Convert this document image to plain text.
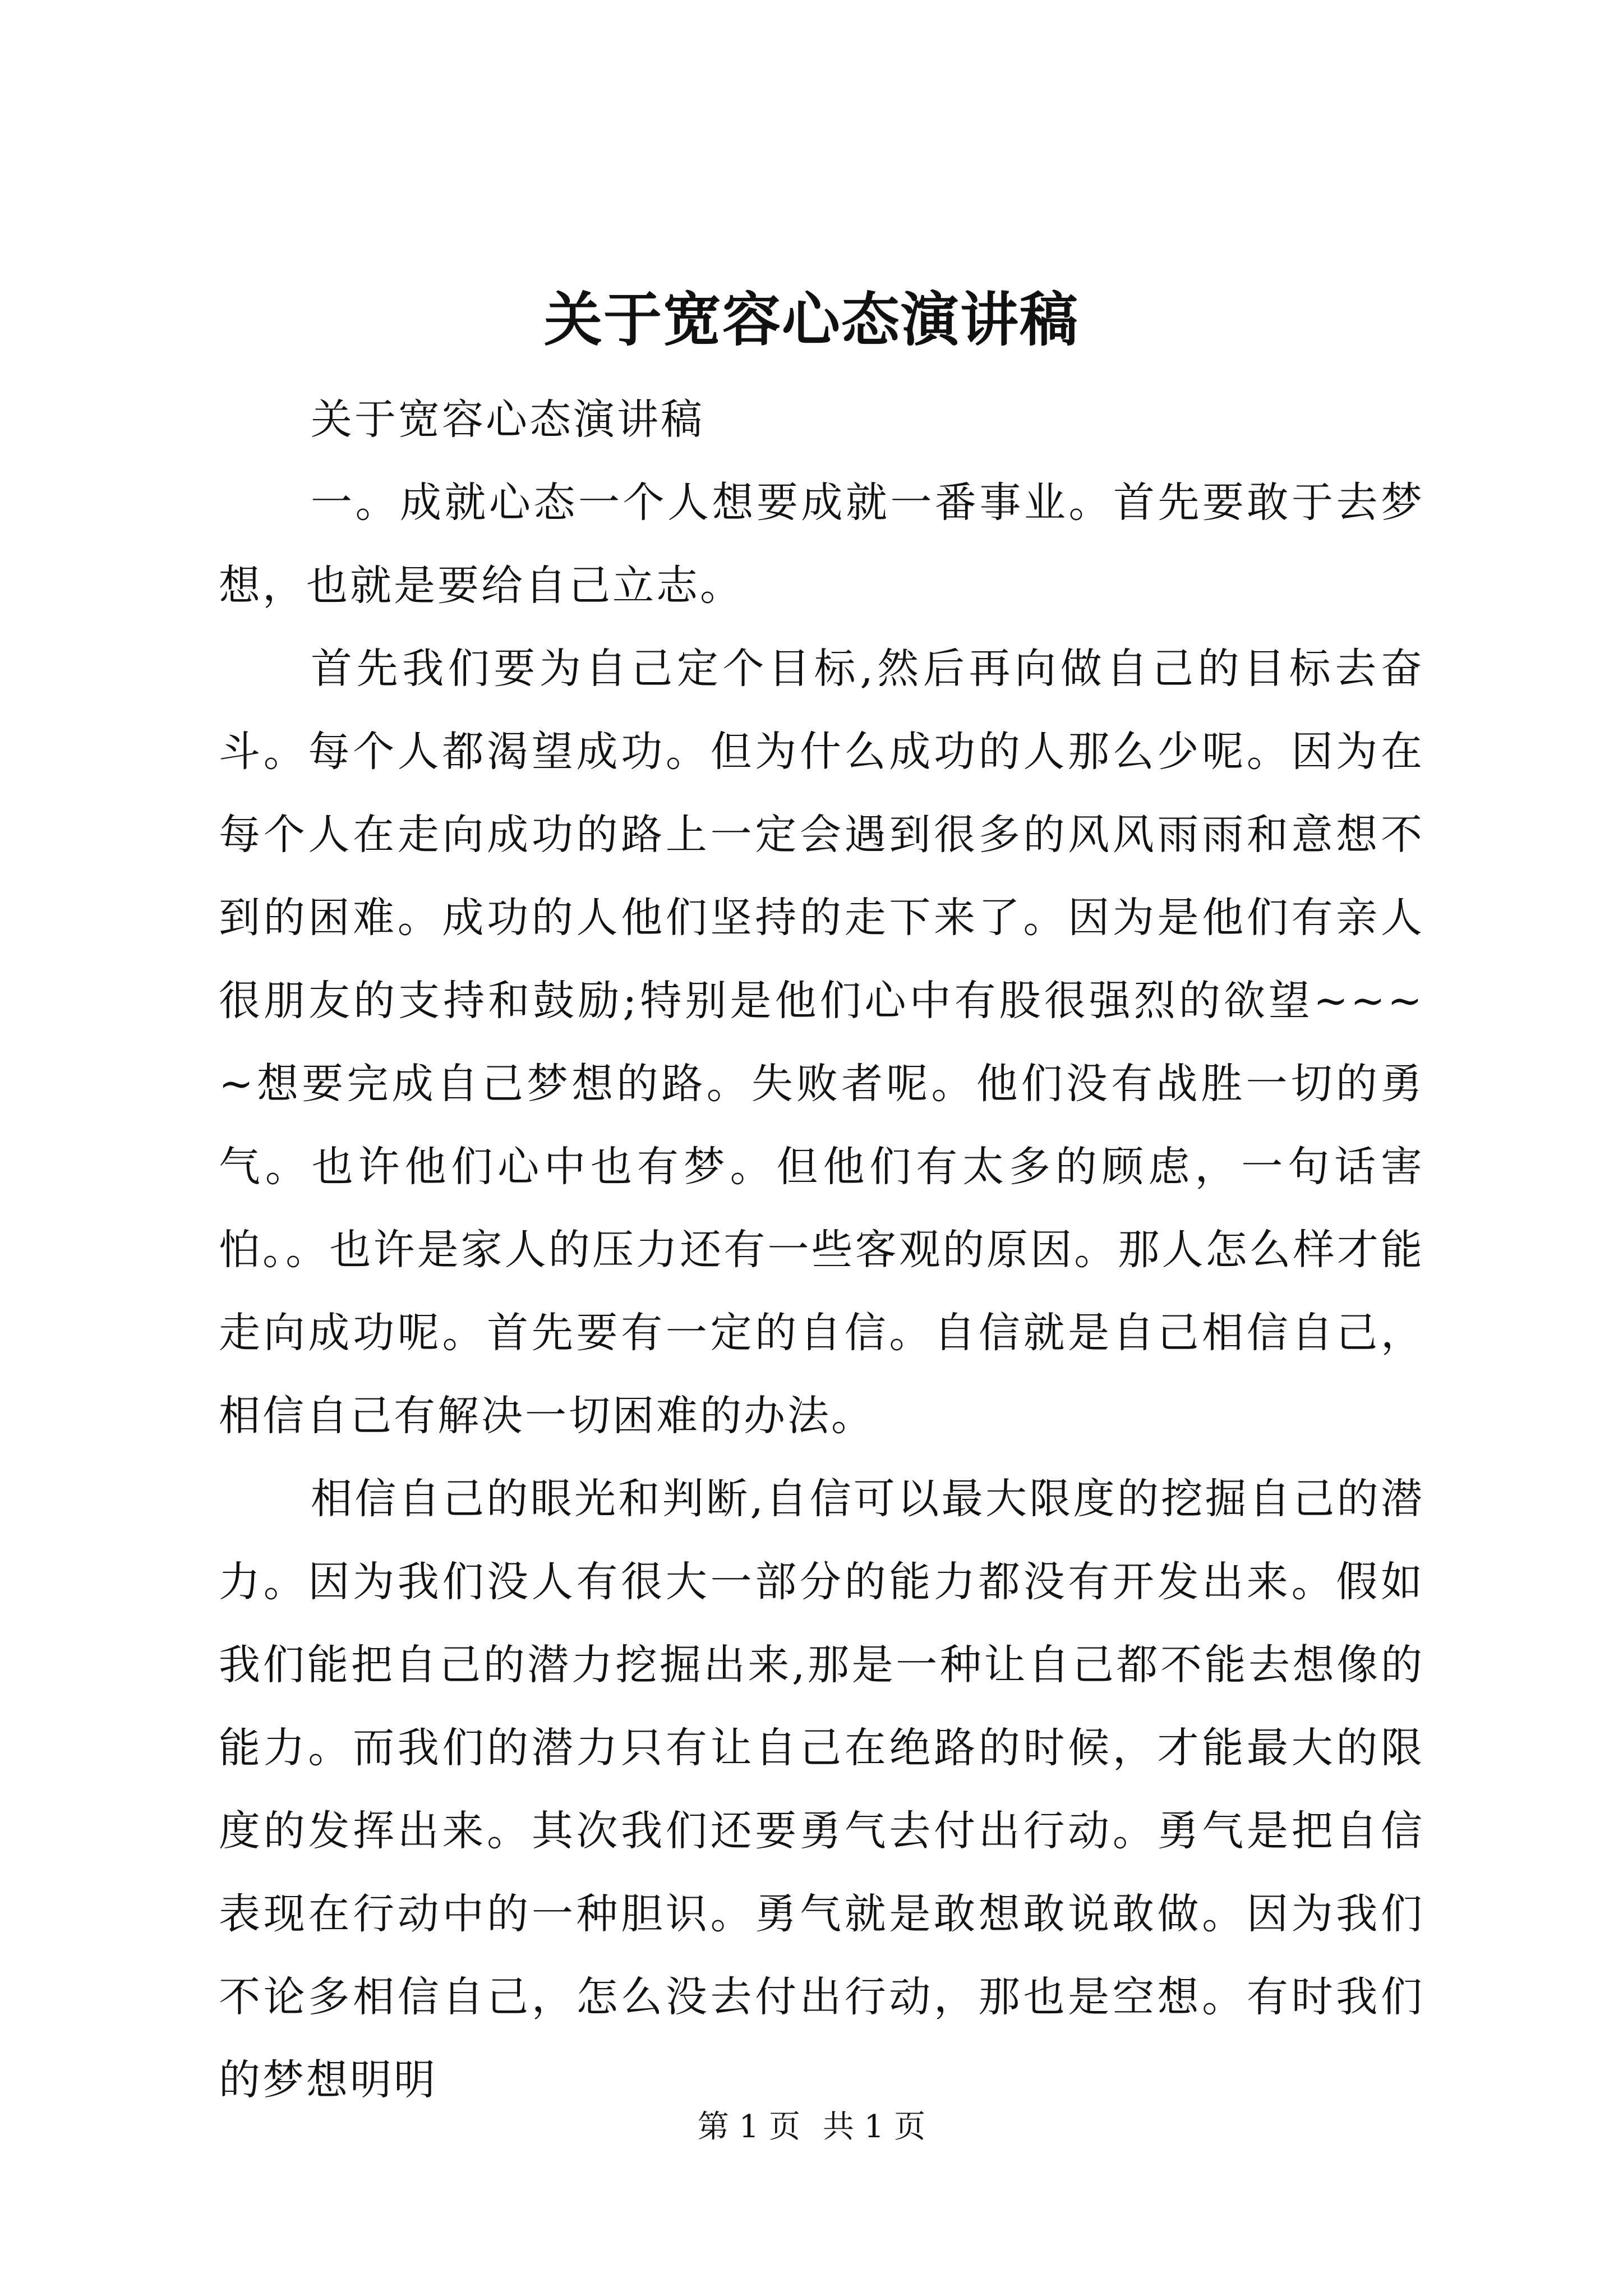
关于宽容心态演讲稿

关于宽容心态演讲稿

一。成就心态一个人想要成就一番事业。首先要敢于去梦想，也就是要给自己立志。

首先我们要为自己定个目标,然后再向做自己的目标去奋斗。每个人都渴望成功。但为什么成功的人那么少呢。因为在每个人在走向成功的路上一定会遇到很多的风风雨雨和意想不到的困难。成功的人他们坚持的走下来了。因为是他们有亲人很朋友的支持和鼓励;特别是他们心中有股很强烈的欲望~~~~想要完成自己梦想的路。失败者呢。他们没有战胜一切的勇气。也许他们心中也有梦。但他们有太多的顾虑，一句话害怕。。也许是家人的压力还有一些客观的原因。那人怎么样才能走向成功呢。首先要有一定的自信。自信就是自己相信自己，相信自己有解决一切困难的办法。

相信自己的眼光和判断,自信可以最大限度的挖掘自己的潜力。因为我们没人有很大一部分的能力都没有开发出来。假如我们能把自己的潜力挖掘出来,那是一种让自己都不能去想像的能力。而我们的潜力只有让自己在绝路的时候，才能最大的限度的发挥出来。其次我们还要勇气去付出行动。勇气是把自信表现在行动中的一种胆识。勇气就是敢想敢说敢做。因为我们不论多相信自己，怎么没去付出行动，那也是空想。有时我们的梦想明明

第 1 页 共 1 页
